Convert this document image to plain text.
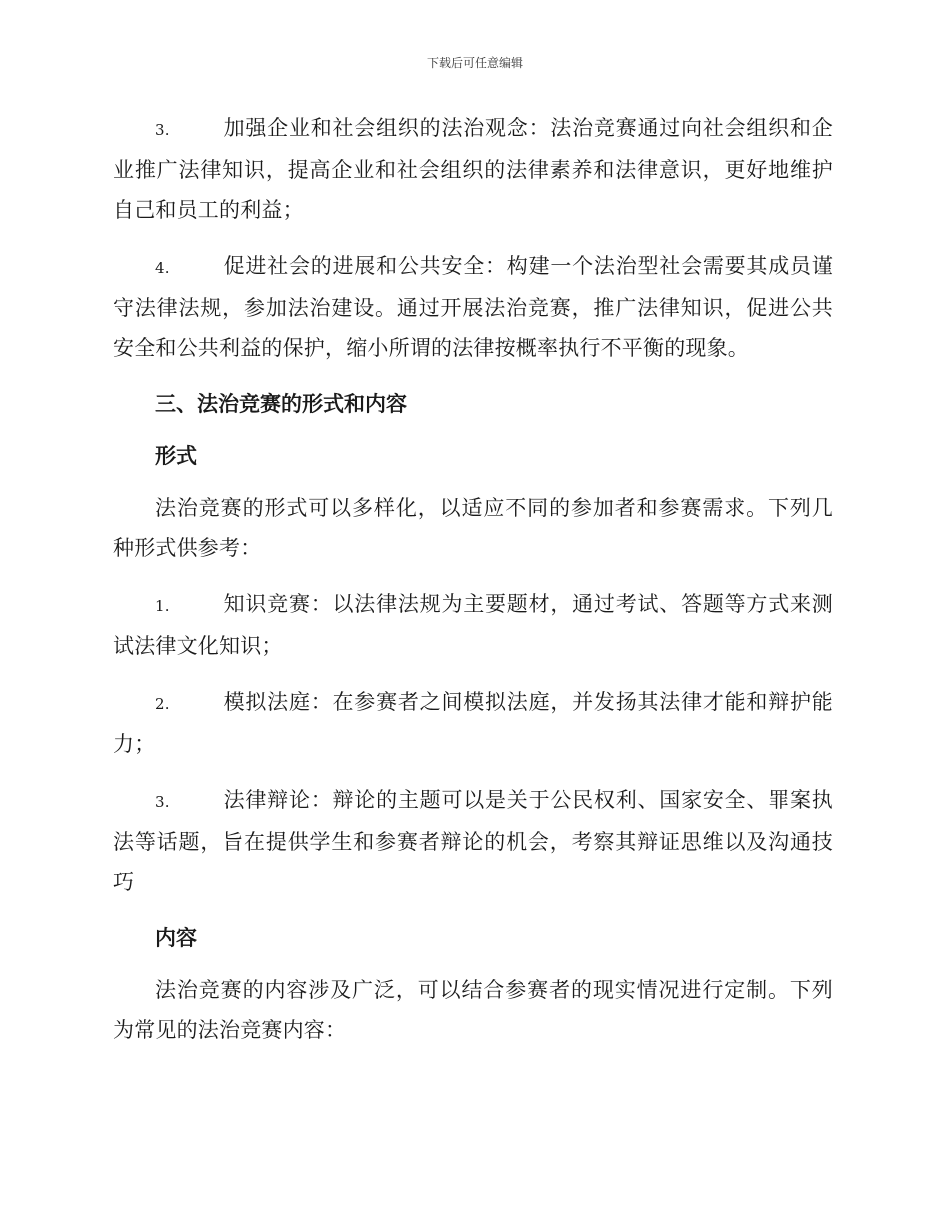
下载后可任意编辑

3.	加强企业和社会组织的法治观念：法治竞赛通过向社会组织和企业推广法律知识，提高企业和社会组织的法律素养和法律意识，更好地维护自己和员工的利益；

4.	促进社会的进展和公共安全：构建一个法治型社会需要其成员谨守法律法规，参加法治建设。通过开展法治竞赛，推广法律知识，促进公共安全和公共利益的保护，缩小所谓的法律按概率执行不平衡的现象。

三、法治竞赛的形式和内容
形式

法治竞赛的形式可以多样化，以适应不同的参加者和参赛需求。下列几种形式供参考：

1.	知识竞赛：以法律法规为主要题材，通过考试、答题等方式来测试法律文化知识；

2.	模拟法庭：在参赛者之间模拟法庭，并发扬其法律才能和辩护能力；

3.	法律辩论：辩论的主题可以是关于公民权利、国家安全、罪案执法等话题，旨在提供学生和参赛者辩论的机会，考察其辩证思维以及沟通技巧

内容

法治竞赛的内容涉及广泛，可以结合参赛者的现实情况进行定制。下列为常见的法治竞赛内容：
